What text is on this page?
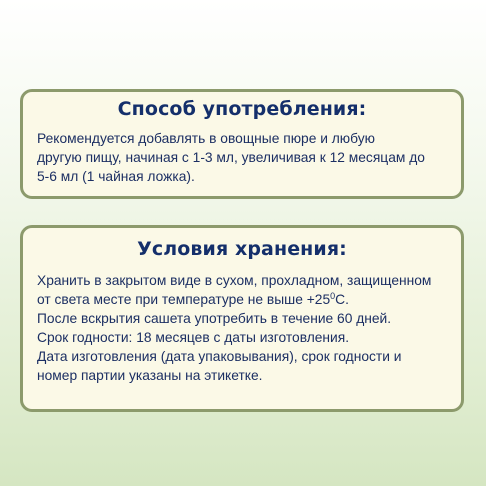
Способ употребления:

Рекомендуется добавлять в овощные пюре и любую
другую пищу, начиная с 1-3 мл, увеличивая к 12 месяцам до
5-6 мл (1 чайная ложка).

Условия хранения:

Хранить в закрытом виде в сухом, прохладном, защищенном
от света месте при температуре не выше $+25^0С$.
После вскрытия сашета употребить в течение 60 дней.
Срок годности: 18 месяцев с даты изготовления.
Дата изготовления (дата упаковывания), срок годности и
номер партии указаны на этикетке.
